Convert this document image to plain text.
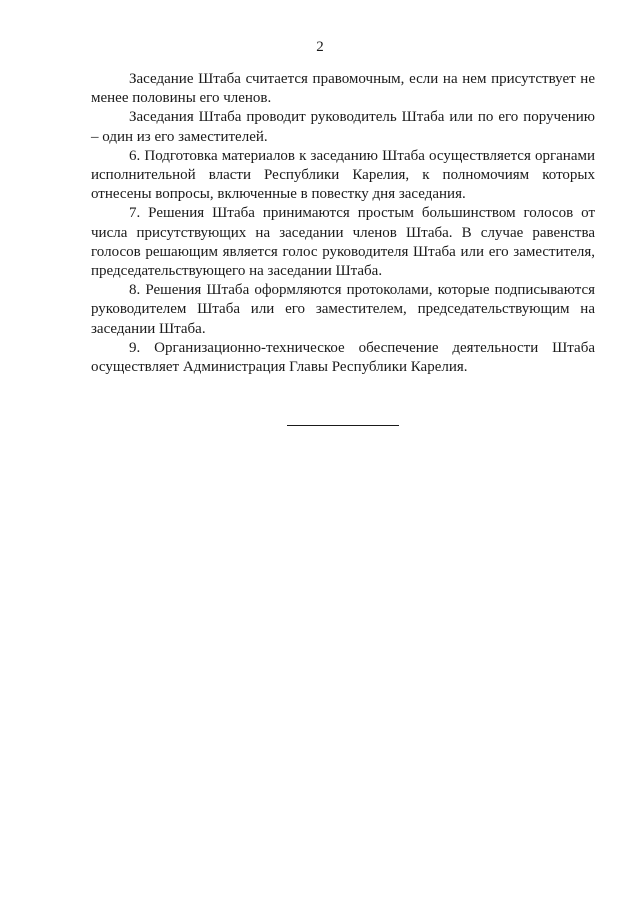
2

Заседание Штаба считается правомочным, если на нем присутствует не менее половины его членов.

Заседания Штаба проводит руководитель Штаба или по его поручению – один из его заместителей.

6. Подготовка материалов к заседанию Штаба осуществляется органами исполнительной власти Республики Карелия, к полномочиям которых отнесены вопросы, включенные в повестку дня заседания.

7. Решения Штаба принимаются простым большинством голосов от числа присутствующих на заседании членов Штаба. В случае равенства голосов решающим является голос руководителя Штаба или его заместителя, председательствующего на заседании Штаба.

8. Решения Штаба оформляются протоколами, которые подписываются руководителем Штаба или его заместителем, председательствующим на заседании Штаба.

9. Организационно-техническое обеспечение деятельности Штаба осуществляет Администрация Главы Республики Карелия.
